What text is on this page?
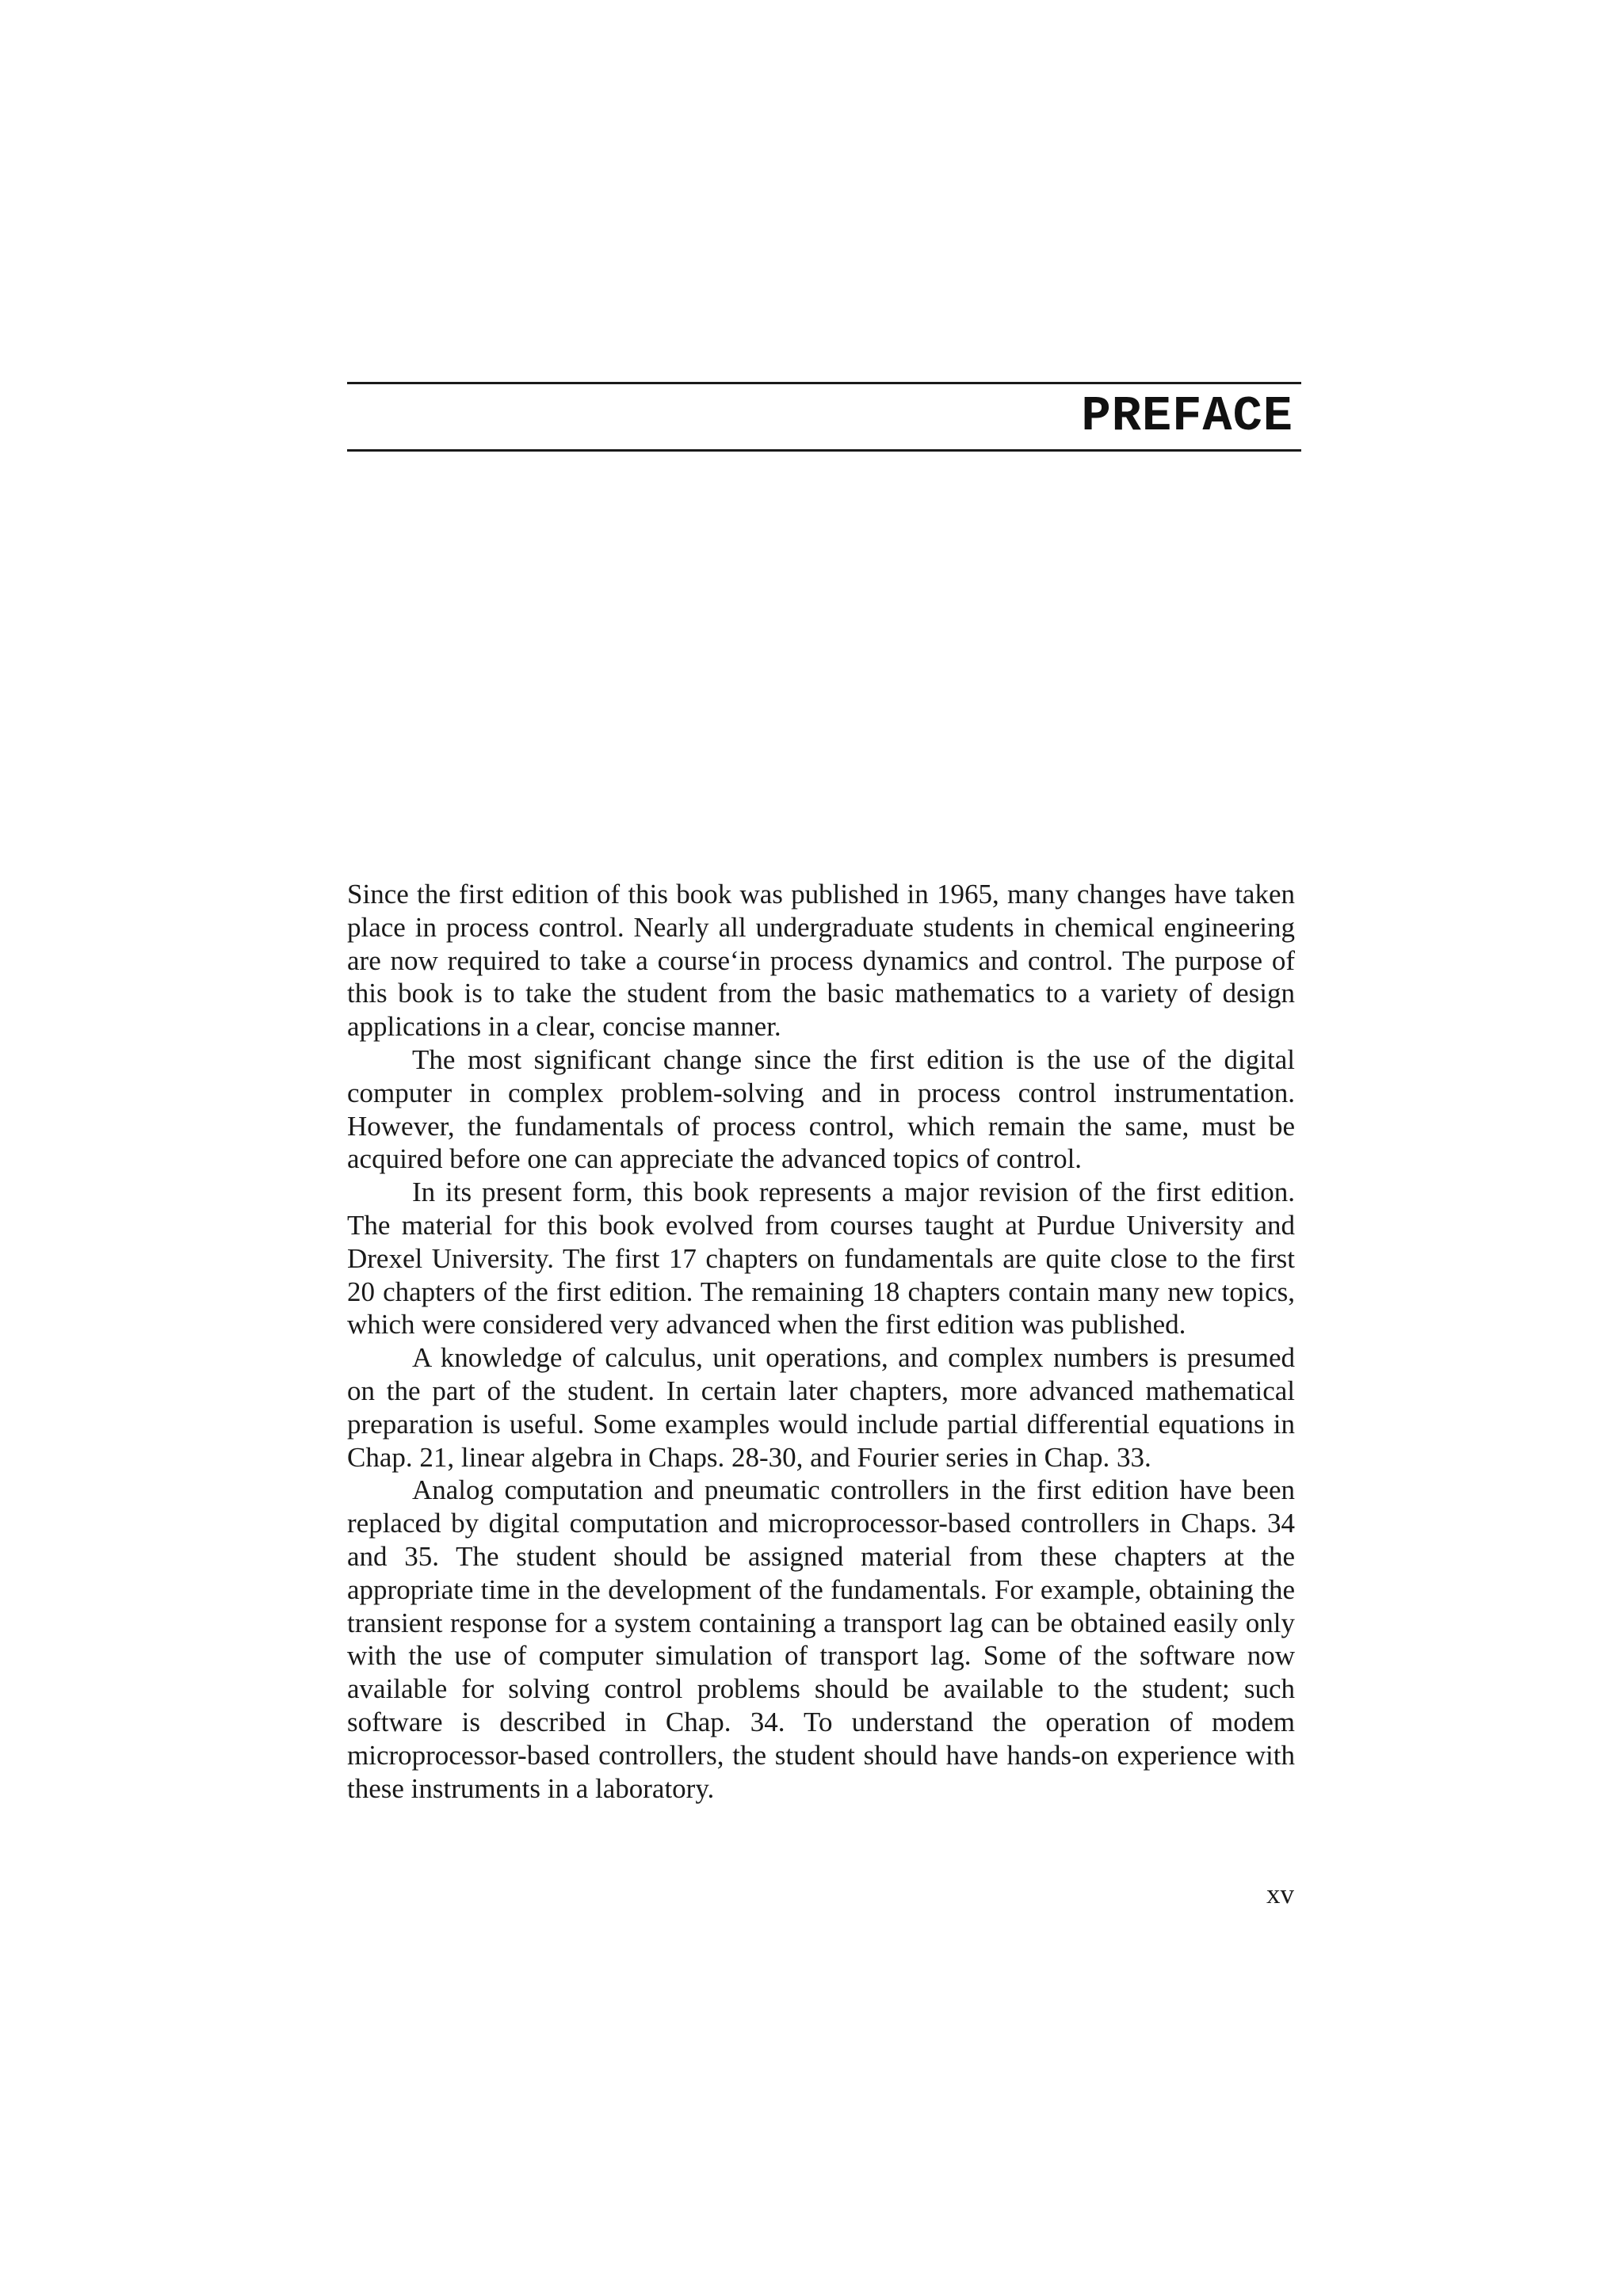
PREFACE

Since the first edition of this book was published in 1965, many changes have taken place in process control. Nearly all undergraduate students in chemical engineering are now required to take a course‘in process dynamics and control. The purpose of this book is to take the student from the basic mathematics to a variety of design applications in a clear, concise manner.

The most significant change since the first edition is the use of the digital computer in complex problem-solving and in process control instrumentation. However, the fundamentals of process control, which remain the same, must be acquired before one can appreciate the advanced topics of control.

In its present form, this book represents a major revision of the first edition. The material for this book evolved from courses taught at Purdue University and Drexel University. The first 17 chapters on fundamentals are quite close to the first 20 chapters of the first edition. The remaining 18 chapters contain many new topics, which were considered very advanced when the first edition was published.

A knowledge of calculus, unit operations, and complex numbers is presumed on the part of the student. In certain later chapters, more advanced mathematical preparation is useful. Some examples would include partial differential equations in Chap. 21, linear algebra in Chaps. 28-30, and Fourier series in Chap. 33.

Analog computation and pneumatic controllers in the first edition have been replaced by digital computation and microprocessor-based controllers in Chaps. 34 and 35. The student should be assigned material from these chapters at the appropriate time in the development of the fundamentals. For example, obtaining the transient response for a system containing a transport lag can be obtained easily only with the use of computer simulation of transport lag. Some of the software now available for solving control problems should be available to the student; such software is described in Chap. 34. To understand the operation of modem microprocessor-based controllers, the student should have hands-on experience with these instruments in a laboratory.

xv
